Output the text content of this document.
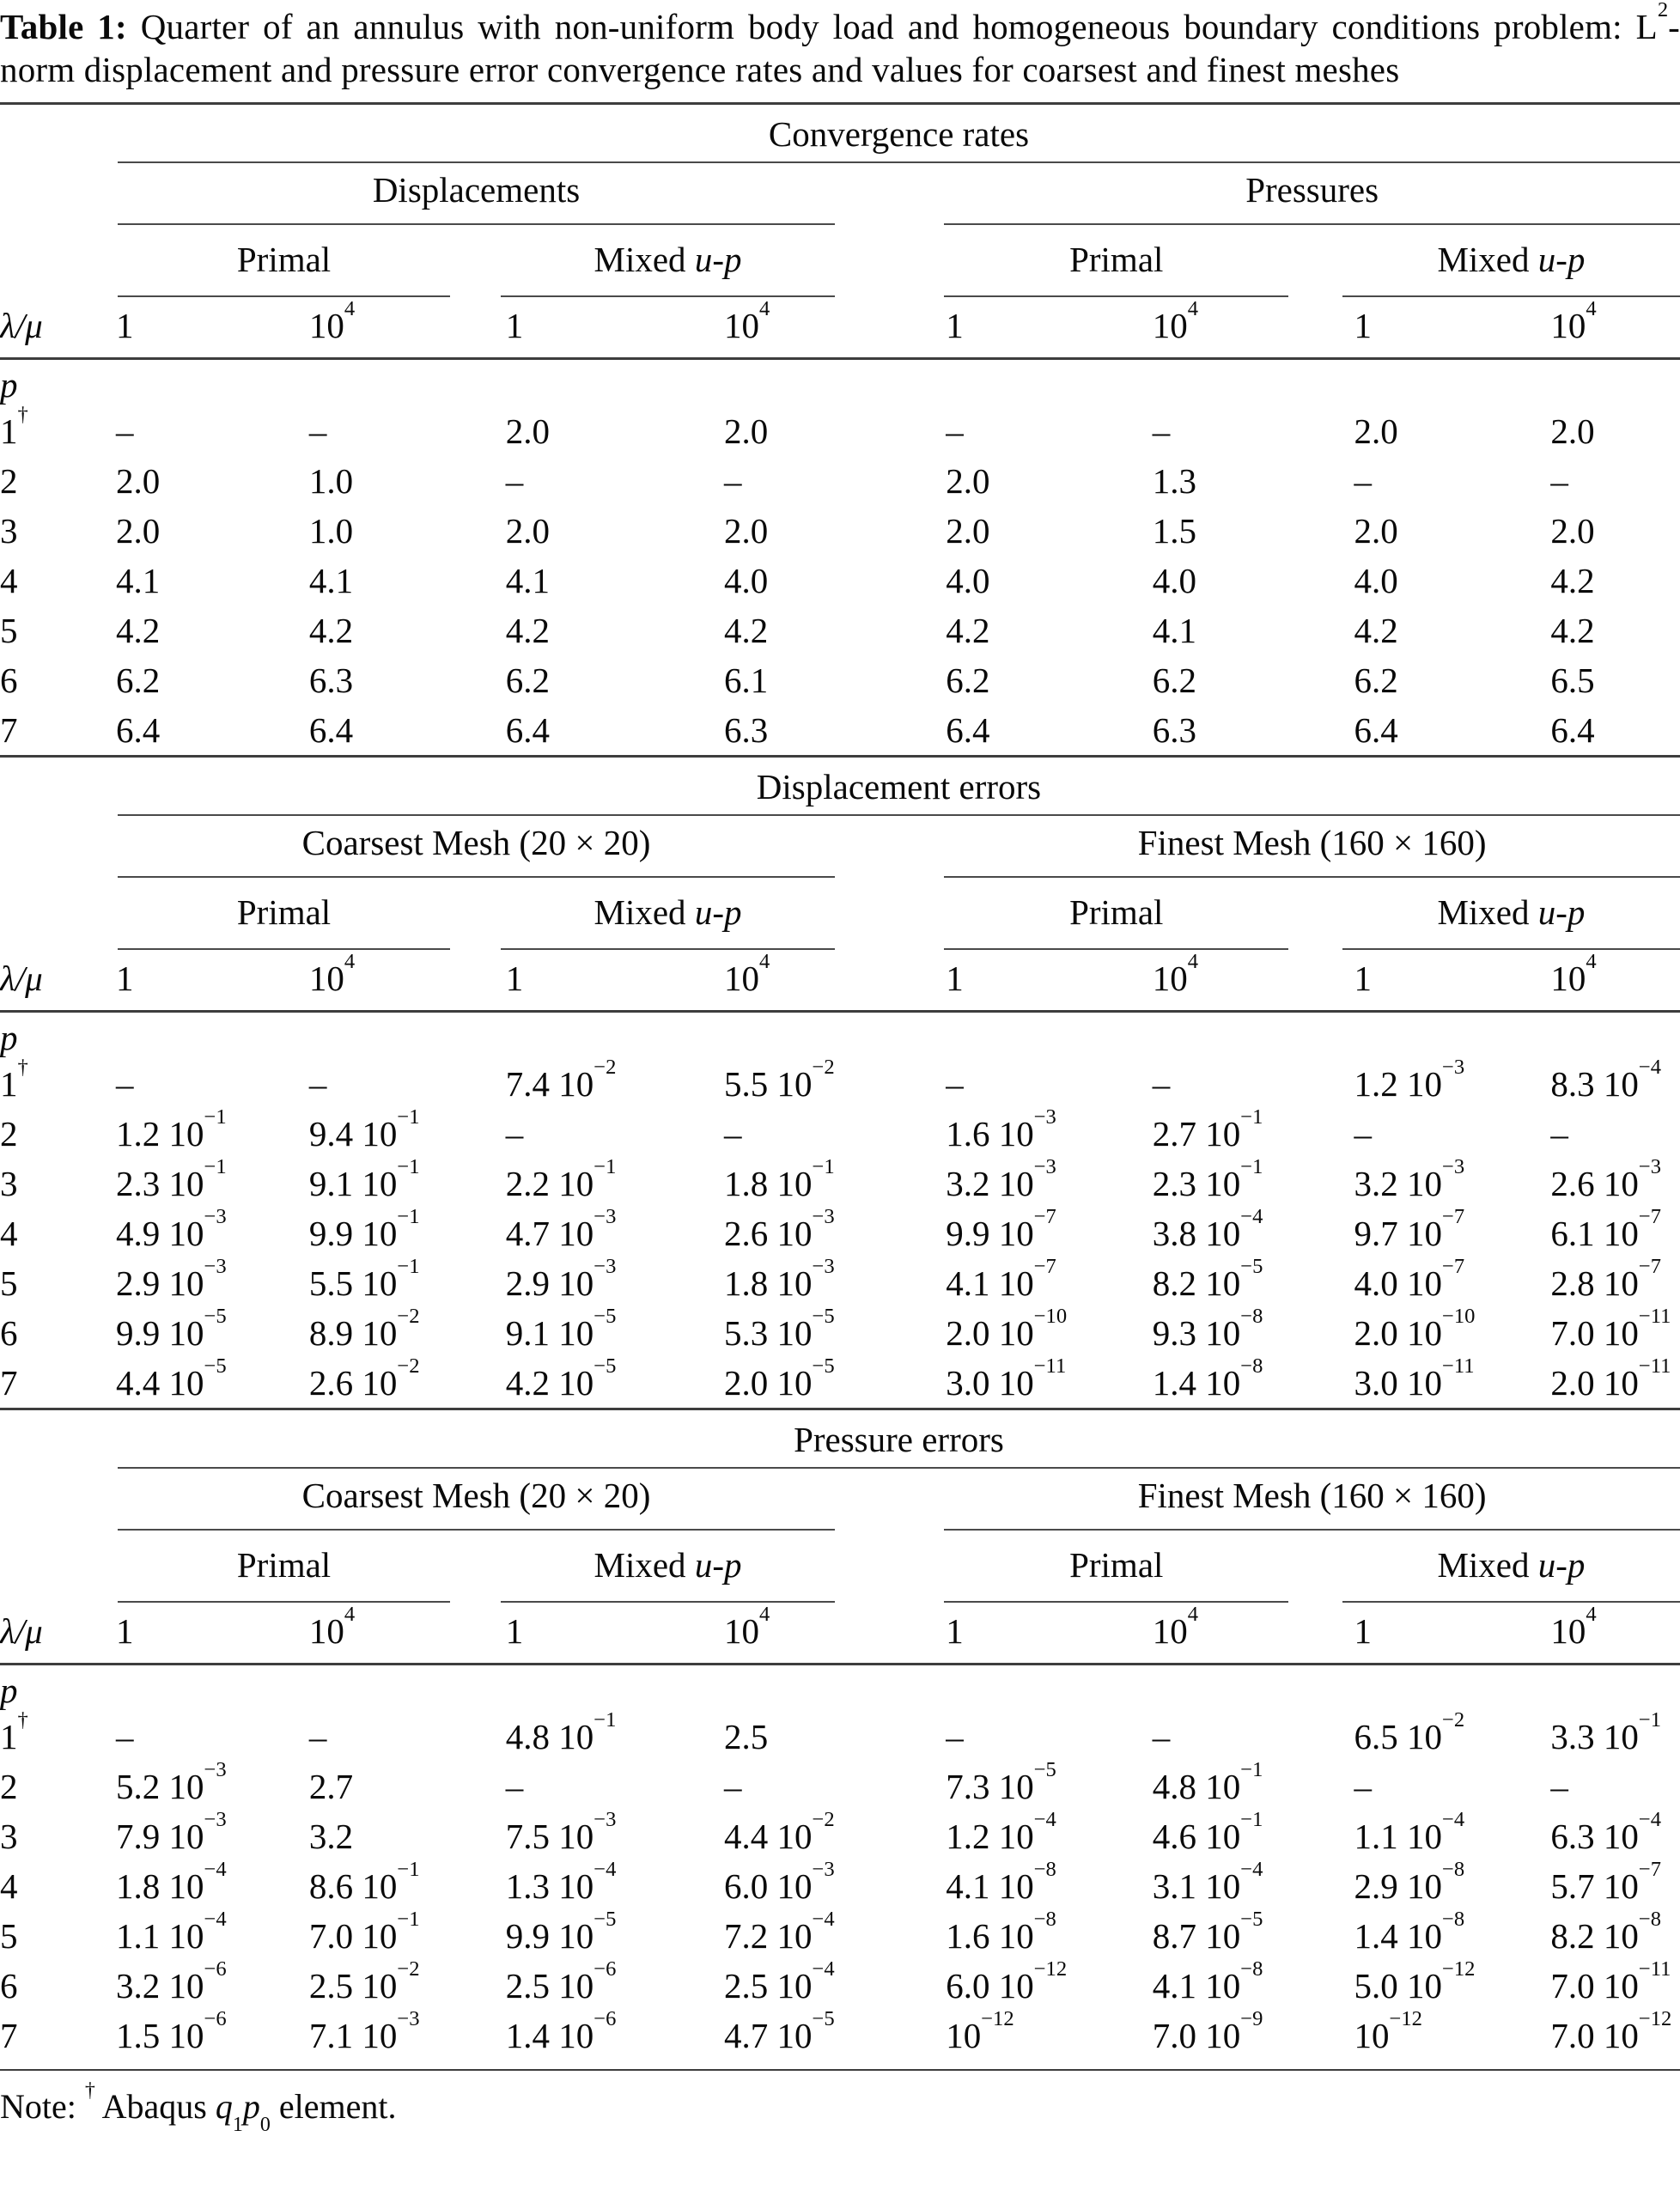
Table 1: Quarter of an annulus with non-uniform body load and homogeneous boundary conditions problem: $L^2$-norm displacement and pressure error convergence rates and values for coarsest and finest meshes

Convergence rates
Displacements	Pressures
Primal	Mixed u-p	Primal	Mixed u-p
λ/μ	1	$10^4$	1	$10^4$	1	$10^4$	1	$10^4$
p
1†	–	–	2.0	2.0	–	–	2.0	2.0
2	2.0	1.0	–	–	2.0	1.3	–	–
3	2.0	1.0	2.0	2.0	2.0	1.5	2.0	2.0
4	4.1	4.1	4.1	4.0	4.0	4.0	4.0	4.2
5	4.2	4.2	4.2	4.2	4.2	4.1	4.2	4.2
6	6.2	6.3	6.2	6.1	6.2	6.2	6.2	6.5
7	6.4	6.4	6.4	6.3	6.4	6.3	6.4	6.4
Displacement errors
Coarsest Mesh (20 × 20)	Finest Mesh (160 × 160)
Primal	Mixed u-p	Primal	Mixed u-p
λ/μ	1	$10^4$	1	$10^4$	1	$10^4$	1	$10^4$
p
1†	–	–	7.4 $10^{-2}$	5.5 $10^{-2}$	–	–	1.2 $10^{-3}$	8.3 $10^{-4}$
2	1.2 $10^{-1}$	9.4 $10^{-1}$	–	–	1.6 $10^{-3}$	2.7 $10^{-1}$	–	–
3	2.3 $10^{-1}$	9.1 $10^{-1}$	2.2 $10^{-1}$	1.8 $10^{-1}$	3.2 $10^{-3}$	2.3 $10^{-1}$	3.2 $10^{-3}$	2.6 $10^{-3}$
4	4.9 $10^{-3}$	9.9 $10^{-1}$	4.7 $10^{-3}$	2.6 $10^{-3}$	9.9 $10^{-7}$	3.8 $10^{-4}$	9.7 $10^{-7}$	6.1 $10^{-7}$
5	2.9 $10^{-3}$	5.5 $10^{-1}$	2.9 $10^{-3}$	1.8 $10^{-3}$	4.1 $10^{-7}$	8.2 $10^{-5}$	4.0 $10^{-7}$	2.8 $10^{-7}$
6	9.9 $10^{-5}$	8.9 $10^{-2}$	9.1 $10^{-5}$	5.3 $10^{-5}$	2.0 $10^{-10}$	9.3 $10^{-8}$	2.0 $10^{-10}$	7.0 $10^{-11}$
7	4.4 $10^{-5}$	2.6 $10^{-2}$	4.2 $10^{-5}$	2.0 $10^{-5}$	3.0 $10^{-11}$	1.4 $10^{-8}$	3.0 $10^{-11}$	2.0 $10^{-11}$
Pressure errors
Coarsest Mesh (20 × 20)	Finest Mesh (160 × 160)
Primal	Mixed u-p	Primal	Mixed u-p
λ/μ	1	$10^4$	1	$10^4$	1	$10^4$	1	$10^4$
p
1†	–	–	4.8 $10^{-1}$	2.5	–	–	6.5 $10^{-2}$	3.3 $10^{-1}$
2	5.2 $10^{-3}$	2.7	–	–	7.3 $10^{-5}$	4.8 $10^{-1}$	–	–
3	7.9 $10^{-3}$	3.2	7.5 $10^{-3}$	4.4 $10^{-2}$	1.2 $10^{-4}$	4.6 $10^{-1}$	1.1 $10^{-4}$	6.3 $10^{-4}$
4	1.8 $10^{-4}$	8.6 $10^{-1}$	1.3 $10^{-4}$	6.0 $10^{-3}$	4.1 $10^{-8}$	3.1 $10^{-4}$	2.9 $10^{-8}$	5.7 $10^{-7}$
5	1.1 $10^{-4}$	7.0 $10^{-1}$	9.9 $10^{-5}$	7.2 $10^{-4}$	1.6 $10^{-8}$	8.7 $10^{-5}$	1.4 $10^{-8}$	8.2 $10^{-8}$
6	3.2 $10^{-6}$	2.5 $10^{-2}$	2.5 $10^{-6}$	2.5 $10^{-4}$	6.0 $10^{-12}$	4.1 $10^{-8}$	5.0 $10^{-12}$	7.0 $10^{-11}$
7	1.5 $10^{-6}$	7.1 $10^{-3}$	1.4 $10^{-6}$	4.7 $10^{-5}$	$10^{-12}$	7.0 $10^{-9}$	$10^{-12}$	7.0 $10^{-12}$

Note: † Abaqus $q_1p_0$ element.
